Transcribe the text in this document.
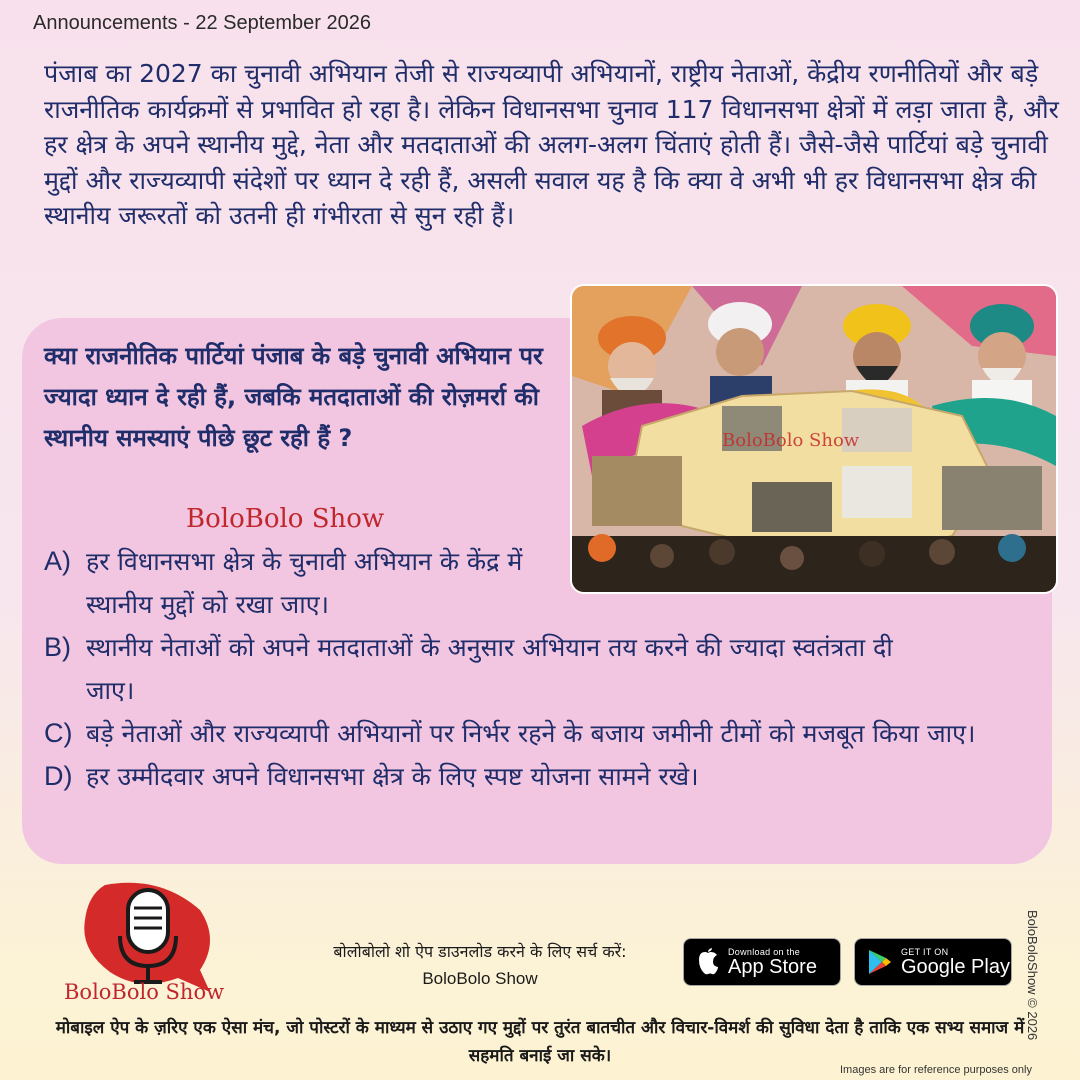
Announcements - 22 September 2026
पंजाब का 2027 का चुनावी अभियान तेजी से राज्यव्यापी अभियानों, राष्ट्रीय नेताओं, केंद्रीय रणनीतियों और बड़े राजनीतिक कार्यक्रमों से प्रभावित हो रहा है। लेकिन विधानसभा चुनाव 117 विधानसभा क्षेत्रों में लड़ा जाता है, और हर क्षेत्र के अपने स्थानीय मुद्दे, नेता और मतदाताओं की अलग-अलग चिंताएं होती हैं। जैसे-जैसे पार्टियां बड़े चुनावी मुद्दों और राज्यव्यापी संदेशों पर ध्यान दे रही हैं, असली सवाल यह है कि क्या वे अभी भी हर विधानसभा क्षेत्र की स्थानीय जरूरतों को उतनी ही गंभीरता से सुन रही हैं।
क्या राजनीतिक पार्टियां पंजाब के बड़े चुनावी अभियान पर ज्यादा ध्यान दे रही हैं, जबकि मतदाताओं की रोज़मर्रा की स्थानीय समस्याएं पीछे छूट रही हैं ?
BoloBolo Show
A) हर विधानसभा क्षेत्र के चुनावी अभियान के केंद्र में स्थानीय मुद्दों को रखा जाए।
B) स्थानीय नेताओं को अपने मतदाताओं के अनुसार अभियान तय करने की ज्यादा स्वतंत्रता दी जाए।
C) बड़े नेताओं और राज्यव्यापी अभियानों पर निर्भर रहने के बजाय जमीनी टीमों को मजबूत किया जाए।
D) हर उम्मीदवार अपने विधानसभा क्षेत्र के लिए स्पष्ट योजना सामने रखे।
BoloBolo Show
BoloBolo Show
बोलोबोलो शो ऐप डाउनलोड करने के लिए सर्च करें:
BoloBolo Show
Download on the
App Store
GET IT ON
Google Play
मोबाइल ऐप के ज़रिए एक ऐसा मंच, जो पोस्टरों के माध्यम से उठाए गए मुद्दों पर तुरंत बातचीत और विचार-विमर्श की सुविधा देता है ताकि एक सभ्य समाज में सहमति बनाई जा सके।
Images are for reference purposes only
BoloBoloShow © 2026
